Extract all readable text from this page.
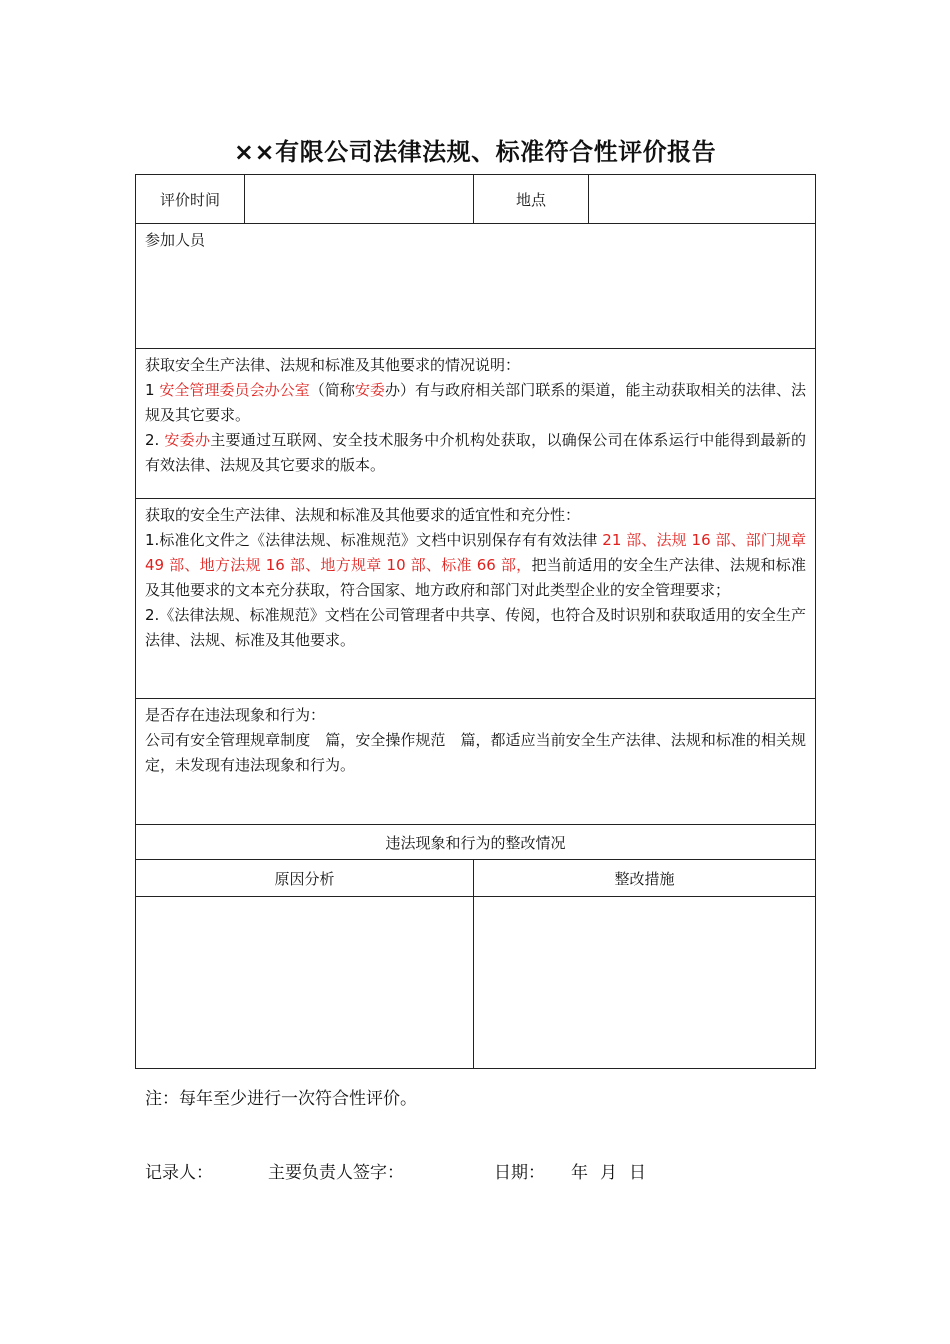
××有限公司法律法规、标准符合性评价报告
评价时间		地点	

参加人员			

获取安全生产法律、法规和标准及其他要求的情况说明：
1 安全管理委员会办公室（简称安委办）有与政府相关部门联系的渠道，能主动获取相关的法律、法规及其它要求。
2. 安委办主要通过互联网、安全技术服务中介机构处获取，以确保公司在体系运行中能得到最新的有效法律、法规及其它要求的版本。			

获取的安全生产法律、法规和标准及其他要求的适宜性和充分性：
1.标准化文件之《法律法规、标准规范》文档中识别保存有有效法律 21 部、法规 16 部、部门规章 49 部、地方法规 16 部、地方规章 10 部、标准 66 部，把当前适用的安全生产法律、法规和标准及其他要求的文本充分获取，符合国家、地方政府和部门对此类型企业的安全管理要求；
2.《法律法规、标准规范》文档在公司管理者中共享、传阅，也符合及时识别和获取适用的安全生产法律、法规、标准及其他要求。			

是否存在违法现象和行为：
公司有安全管理规章制度　篇，安全操作规范　篇，都适应当前安全生产法律、法规和标准的相关规定，未发现有违法现象和行为。			

违法现象和行为的整改情况			
原因分析		整改措施	

注：每年至少进行一次符合性评价。
记录人：	主要负责人签字：	日期： 年 月 日
